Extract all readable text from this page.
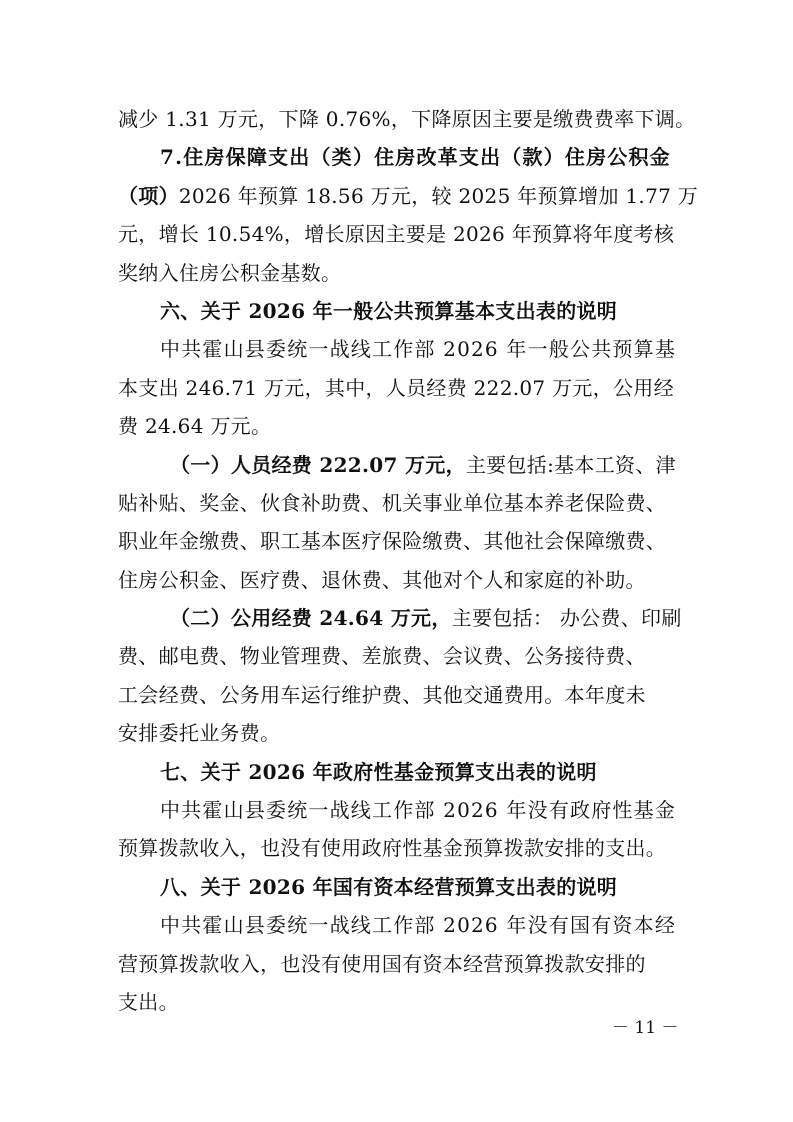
减少 1.31 万元，下降 0.76%，下降原因主要是缴费费率下调。

7.住房保障支出（类）住房改革支出（款）住房公积金

（项）2026 年预算 18.56 万元，较 2025 年预算增加 1.77 万

元，增长 10.54%，增长原因主要是 2026 年预算将年度考核

奖纳入住房公积金基数。

六、关于 2026 年一般公共预算基本支出表的说明

中共霍山县委统一战线工作部 2026 年一般公共预算基

本支出 246.71 万元，其中，人员经费 222.07 万元，公用经

费 24.64 万元。

（一）人员经费 222.07 万元，主要包括:基本工资、津

贴补贴、奖金、伙食补助费、机关事业单位基本养老保险费、

职业年金缴费、职工基本医疗保险缴费、其他社会保障缴费、

住房公积金、医疗费、退休费、其他对个人和家庭的补助。

（二）公用经费 24.64 万元，主要包括： 办公费、印刷

费、邮电费、物业管理费、差旅费、会议费、公务接待费、

工会经费、公务用车运行维护费、其他交通费用。本年度未

安排委托业务费。

七、关于 2026 年政府性基金预算支出表的说明

中共霍山县委统一战线工作部 2026 年没有政府性基金

预算拨款收入，也没有使用政府性基金预算拨款安排的支出。

八、关于 2026 年国有资本经营预算支出表的说明

中共霍山县委统一战线工作部 2026 年没有国有资本经

营预算拨款收入，也没有使用国有资本经营预算拨款安排的

支出。

－ 11 －
